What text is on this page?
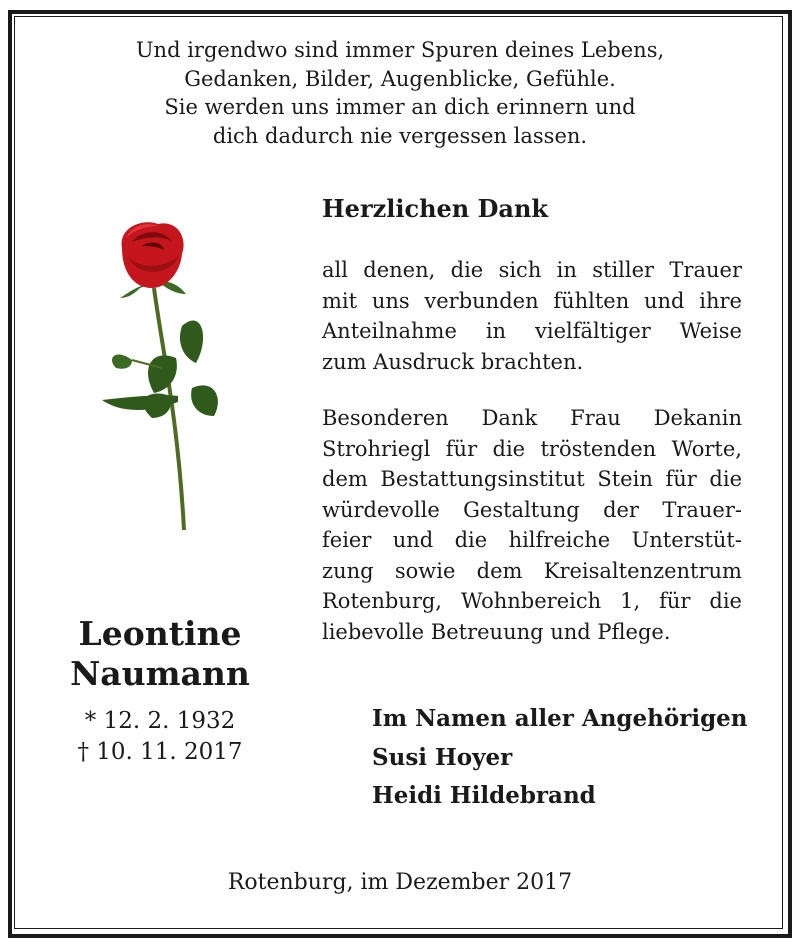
Und irgendwo sind immer Spuren deines Lebens,
Gedanken, Bilder, Augenblicke, Gefühle.
Sie werden uns immer an dich erinnern und
dich dadurch nie vergessen lassen.
Herzlichen Dank
all denen, die sich in stiller Trauer
mit uns verbunden fühlten und ihre
Anteilnahme in vielfältiger Weise
zum Ausdruck brachten.
Besonderen Dank Frau Dekanin
Strohriegl für die tröstenden Worte,
dem Bestattungsinstitut Stein für die
würdevolle Gestaltung der Trauer-
feier und die hilfreiche Unterstüt-
zung sowie dem Kreisaltenzentrum
Rotenburg, Wohnbereich 1, für die
liebevolle Betreuung und Pflege.
Leontine
Naumann
* 12. 2. 1932
† 10. 11. 2017
Im Namen aller Angehörigen
Susi Hoyer
Heidi Hildebrand
Rotenburg, im Dezember 2017
